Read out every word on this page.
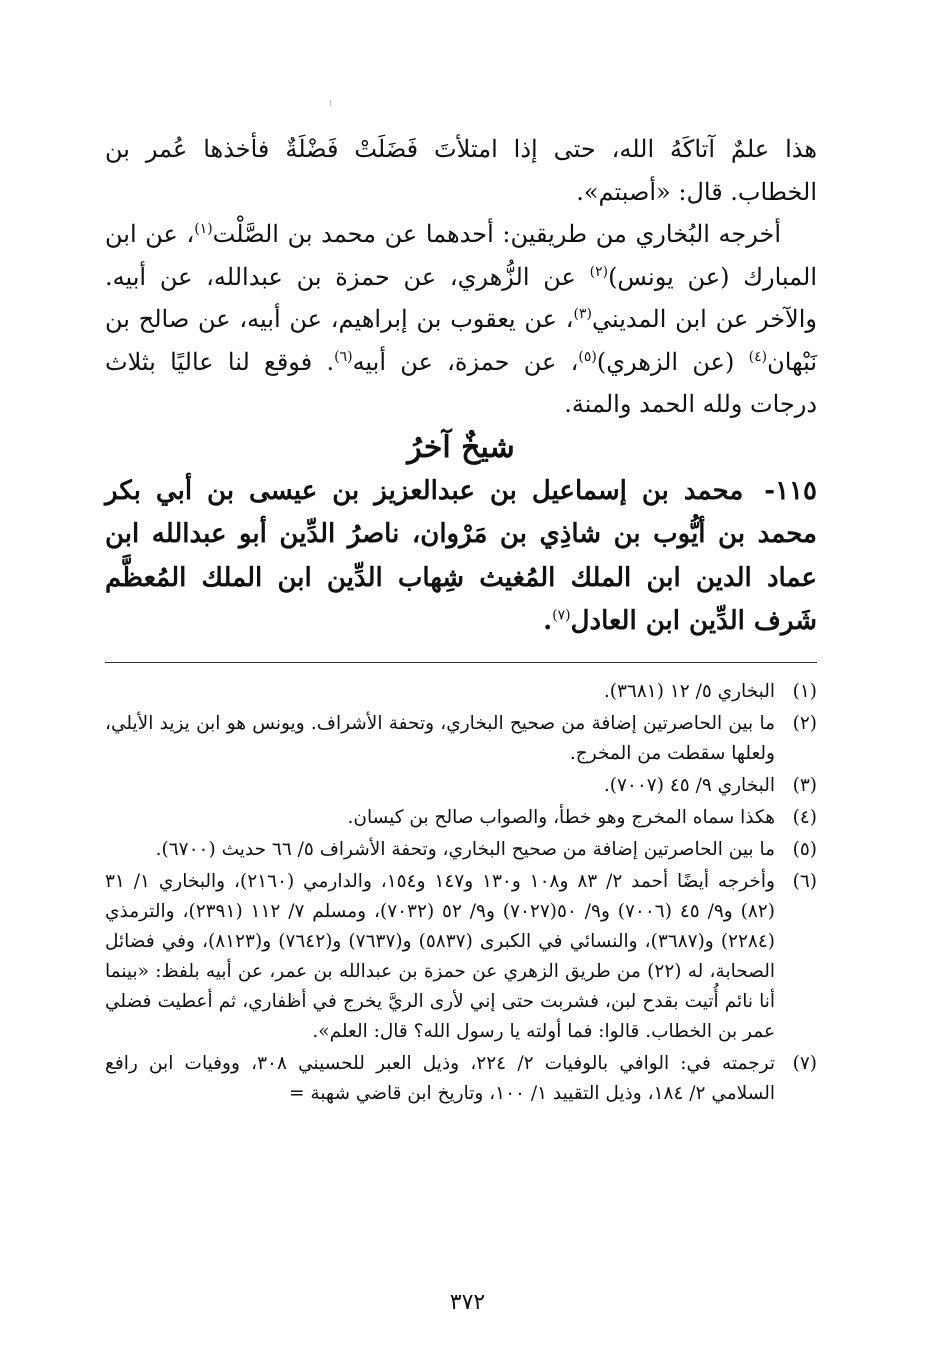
هذا علمٌ آتاكَهُ الله، حتى إذا امتلأتَ فَضَلَتْ فَضْلَةٌ فأخذها عُمر بن الخطاب. قال: «أصبتم».

أخرجه البُخاري من طريقين: أحدهما عن محمد بن الصَّلْت$^{(١)}$، عن ابن المبارك (عن يونس)$^{(٢)}$ عن الزُّهري، عن حمزة بن عبدالله، عن أبيه. والآخر عن ابن المديني$^{(٣)}$، عن يعقوب بن إبراهيم، عن أبيه، عن صالح بن نَبْهان$^{(٤)}$ (عن الزهري)$^{(٥)}$، عن حمزة، عن أبيه$^{(٦)}$. فوقع لنا عاليًا بثلاث درجات ولله الحمد والمنة.

شيخٌ آخرُ

١١٥- محمد بن إسماعيل بن عبدالعزيز بن عيسى بن أبي بكر محمد بن أيُّوب بن شاذِي بن مَرْوان، ناصرُ الدِّين أبو عبدالله ابن عماد الدين ابن الملك المُغيث شِهاب الدِّين ابن الملك المُعظَّم شَرف الدِّين ابن العادل$^{(٧)}$.

(١)
البخاري ٥/ ١٢ (٣٦٨١).
(٢)
ما بين الحاصرتين إضافة من صحيح البخاري، وتحفة الأشراف. ويونس هو ابن يزيد الأيلي، ولعلها سقطت من المخرج.
(٣)
البخاري ٩/ ٤٥ (٧٠٠٧).
(٤)
هكذا سماه المخرج وهو خطأ، والصواب صالح بن كيسان.
(٥)
ما بين الحاصرتين إضافة من صحيح البخاري، وتحفة الأشراف ٥/ ٦٦ حديث (٦٧٠٠).
(٦)
وأخرجه أيضًا أحمد ٢/ ٨٣ و١٠٨ و١٣٠ و١٤٧ و١٥٤، والدارمي (٢١٦٠)، والبخاري ١/ ٣١ (٨٢) و٩/ ٤٥ (٧٠٠٦) و٩/ ٥٠(٧٠٢٧) و٩/ ٥٢ (٧٠٣٢)، ومسلم ٧/ ١١٢ (٢٣٩١)، والترمذي (٢٢٨٤) و(٣٦٨٧)، والنسائي في الكبرى (٥٨٣٧) و(٧٦٣٧) و(٧٦٤٢) و(٨١٢٣)، وفي فضائل الصحابة، له (٢٢) من طريق الزهري عن حمزة بن عبدالله بن عمر، عن أبيه بلفظ: «بينما أنا نائم أُتيت بقدح لبن، فشربت حتى إني لأرى الريَّ يخرج في أظفاري، ثم أعطيت فضلي عمر بن الخطاب. قالوا: فما أولته يا رسول الله؟ قال: العلم».
(٧)
ترجمته في: الوافي بالوفيات ٢/ ٢٢٤، وذيل العبر للحسيني ٣٠٨، ووفيات ابن رافع السلامي ٢/ ١٨٤، وذيل التقييد ١/ ١٠٠، وتاريخ ابن قاضي شهبة =
٣٧٢
